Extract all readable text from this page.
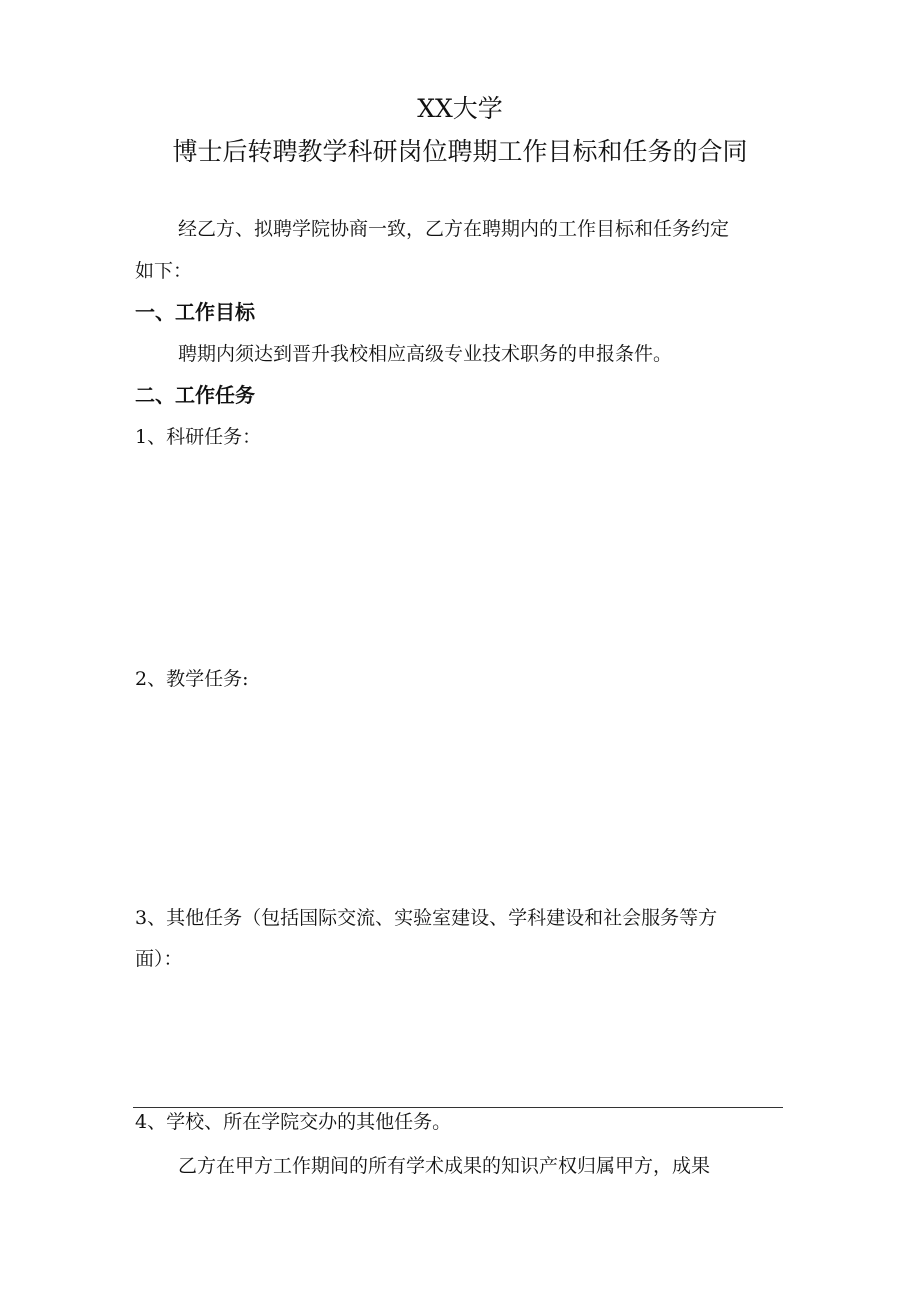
XX大学
博士后转聘教学科研岗位聘期工作目标和任务的合同
经乙方、拟聘学院协商一致，乙方在聘期内的工作目标和任务约定
如下：
一、工作目标
聘期内须达到晋升我校相应高级专业技术职务的申报条件。
二、工作任务
1、科研任务：
2、教学任务:
3、其他任务（包括国际交流、实验室建设、学科建设和社会服务等方
面）：
4、学校、所在学院交办的其他任务。
乙方在甲方工作期间的所有学术成果的知识产权归属甲方，成果
